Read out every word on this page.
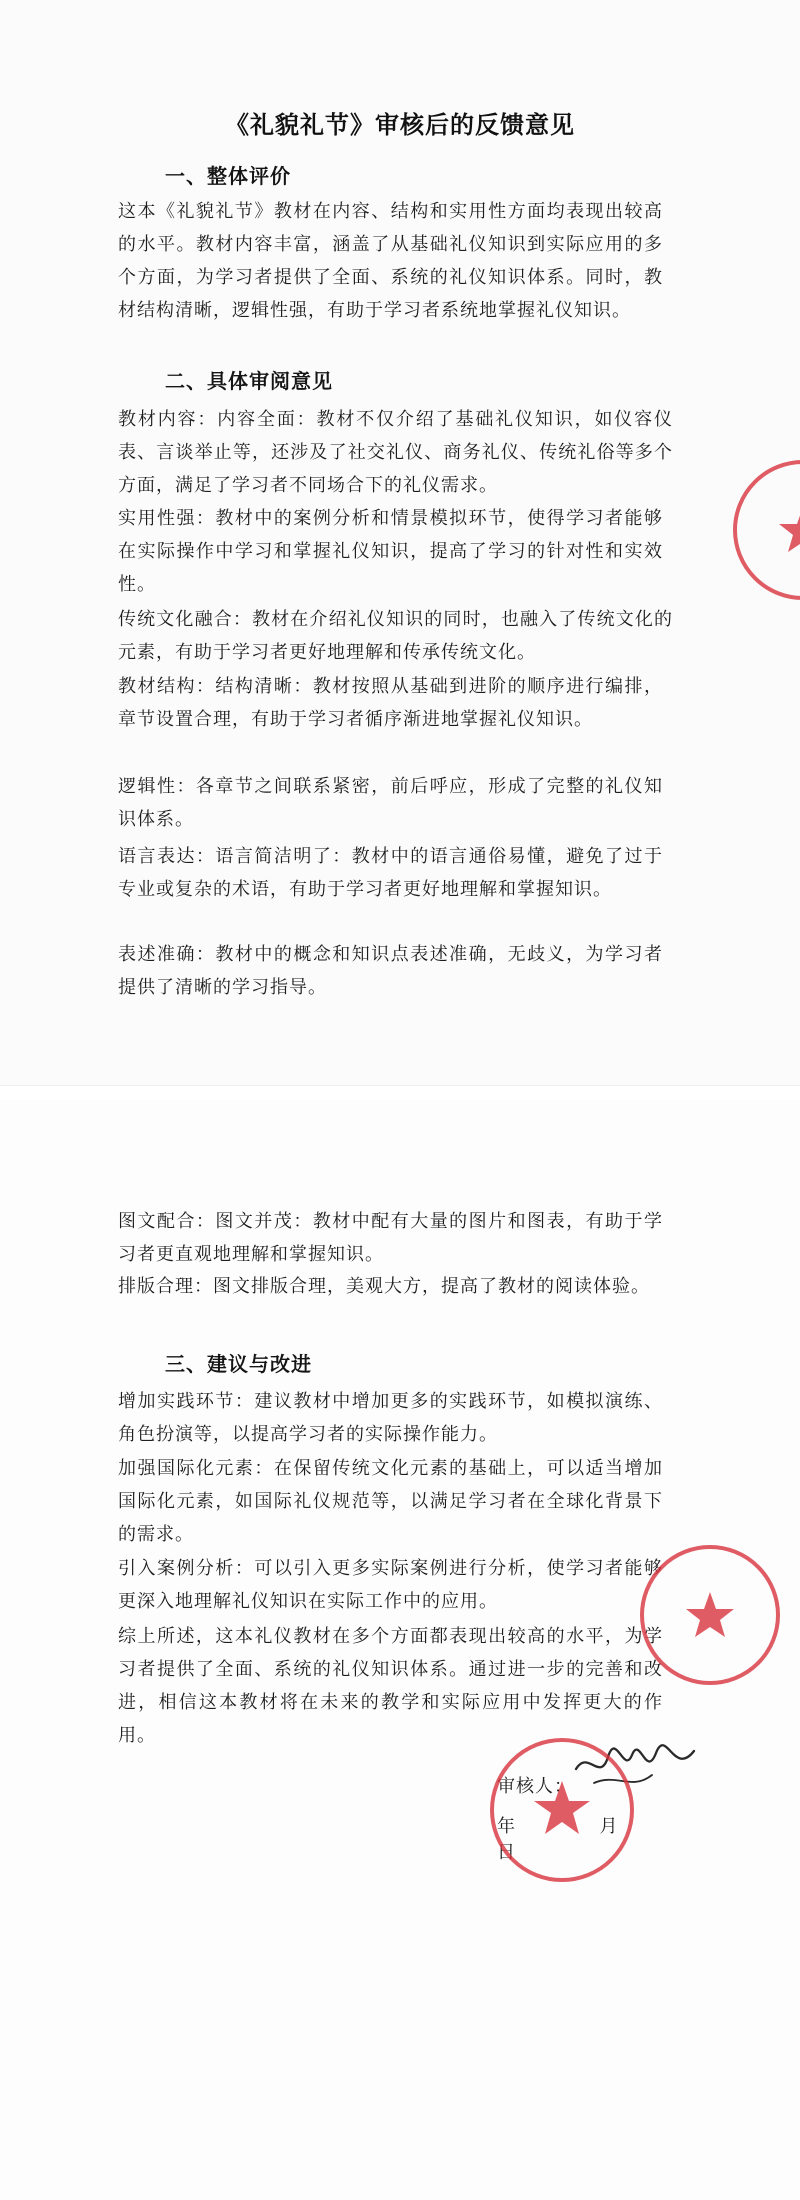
《礼貌礼节》审核后的反馈意见
一、整体评价
这本《礼貌礼节》教材在内容、结构和实用性方面均表现出较高的水平。教材内容丰富，涵盖了从基础礼仪知识到实际应用的多个方面，为学习者提供了全面、系统的礼仪知识体系。同时，教材结构清晰，逻辑性强，有助于学习者系统地掌握礼仪知识。
二、具体审阅意见
教材内容：内容全面：教材不仅介绍了基础礼仪知识，如仪容仪表、言谈举止等，还涉及了社交礼仪、商务礼仪、传统礼俗等多个方面，满足了学习者不同场合下的礼仪需求。
实用性强：教材中的案例分析和情景模拟环节，使得学习者能够在实际操作中学习和掌握礼仪知识，提高了学习的针对性和实效性。
传统文化融合：教材在介绍礼仪知识的同时，也融入了传统文化的元素，有助于学习者更好地理解和传承传统文化。
教材结构：结构清晰：教材按照从基础到进阶的顺序进行编排，章节设置合理，有助于学习者循序渐进地掌握礼仪知识。
逻辑性：各章节之间联系紧密，前后呼应，形成了完整的礼仪知识体系。
语言表达：语言简洁明了：教材中的语言通俗易懂，避免了过于专业或复杂的术语，有助于学习者更好地理解和掌握知识。
表述准确：教材中的概念和知识点表述准确，无歧义，为学习者提供了清晰的学习指导。
图文配合：图文并茂：教材中配有大量的图片和图表，有助于学习者更直观地理解和掌握知识。
排版合理：图文排版合理，美观大方，提高了教材的阅读体验。
三、建议与改进
增加实践环节：建议教材中增加更多的实践环节，如模拟演练、角色扮演等，以提高学习者的实际操作能力。
加强国际化元素：在保留传统文化元素的基础上，可以适当增加国际化元素，如国际礼仪规范等，以满足学习者在全球化背景下的需求。
引入案例分析：可以引入更多实际案例进行分析，使学习者能够更深入地理解礼仪知识在实际工作中的应用。
综上所述，这本礼仪教材在多个方面都表现出较高的水平，为学习者提供了全面、系统的礼仪知识体系。通过进一步的完善和改进，相信这本教材将在未来的教学和实际应用中发挥更大的作用。
审核人：
年	月  日
